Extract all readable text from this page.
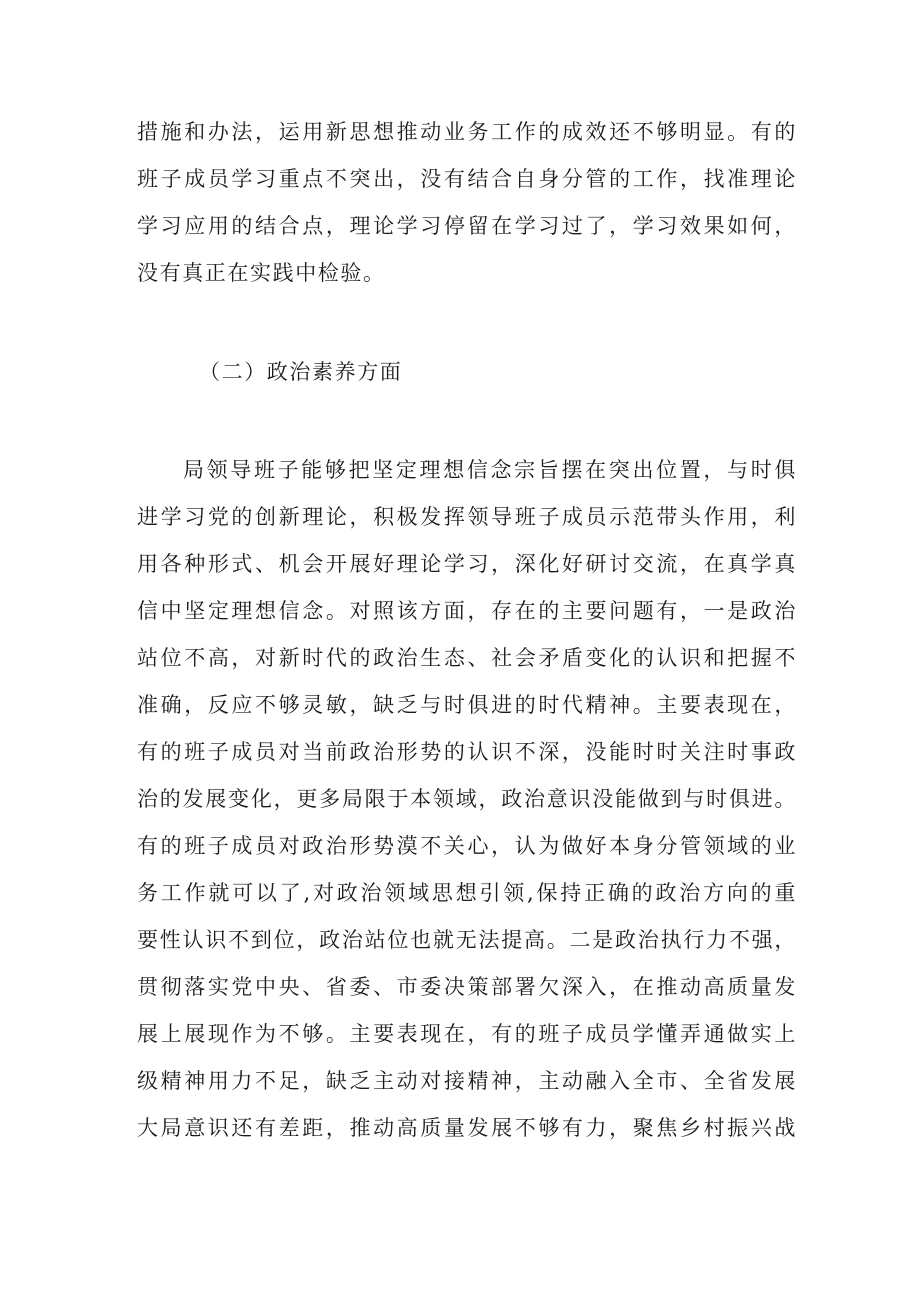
措施和办法，运用新思想推动业务工作的成效还不够明显。有的
班子成员学习重点不突出，没有结合自身分管的工作，找准理论
学习应用的结合点，理论学习停留在学习过了，学习效果如何，
没有真正在实践中检验。
（二）政治素养方面
局领导班子能够把坚定理想信念宗旨摆在突出位置，与时俱
进学习党的创新理论，积极发挥领导班子成员示范带头作用，利
用各种形式、机会开展好理论学习，深化好研讨交流，在真学真
信中坚定理想信念。对照该方面，存在的主要问题有，一是政治
站位不高，对新时代的政治生态、社会矛盾变化的认识和把握不
准确，反应不够灵敏，缺乏与时俱进的时代精神。主要表现在，
有的班子成员对当前政治形势的认识不深，没能时时关注时事政
治的发展变化，更多局限于本领域，政治意识没能做到与时俱进。
有的班子成员对政治形势漠不关心，认为做好本身分管领域的业
务工作就可以了,对政治领域思想引领,保持正确的政治方向的重
要性认识不到位，政治站位也就无法提高。二是政治执行力不强，
贯彻落实党中央、省委、市委决策部署欠深入，在推动高质量发
展上展现作为不够。主要表现在，有的班子成员学懂弄通做实上
级精神用力不足，缺乏主动对接精神，主动融入全市、全省发展
大局意识还有差距，推动高质量发展不够有力，聚焦乡村振兴战
